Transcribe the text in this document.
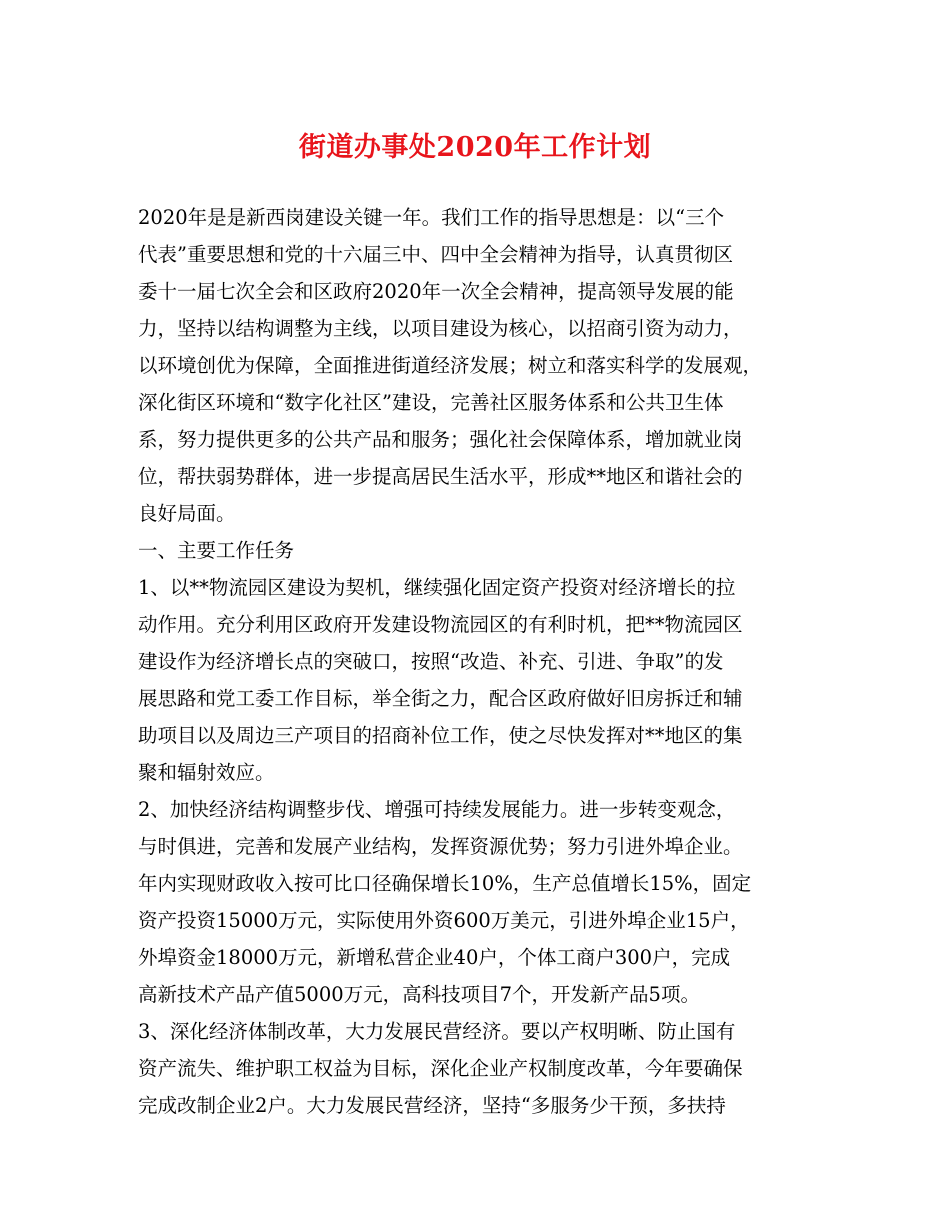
街道办事处2020年工作计划
2020年是是新西岗建设关键一年。我们工作的指导思想是：以“三个
代表”重要思想和党的十六届三中、四中全会精神为指导，认真贯彻区
委十一届七次全会和区政府2020年一次全会精神，提高领导发展的能
力，坚持以结构调整为主线，以项目建设为核心，以招商引资为动力，
以环境创优为保障，全面推进街道经济发展；树立和落实科学的发展观，
深化街区环境和“数字化社区”建设，完善社区服务体系和公共卫生体
系，努力提供更多的公共产品和服务；强化社会保障体系，增加就业岗
位，帮扶弱势群体，进一步提高居民生活水平，形成**地区和谐社会的
良好局面。
一、主要工作任务
1、以**物流园区建设为契机，继续强化固定资产投资对经济增长的拉
动作用。充分利用区政府开发建设物流园区的有利时机，把**物流园区
建设作为经济增长点的突破口，按照“改造、补充、引进、争取”的发
展思路和党工委工作目标，举全街之力，配合区政府做好旧房拆迁和辅
助项目以及周边三产项目的招商补位工作，使之尽快发挥对**地区的集
聚和辐射效应。
2、加快经济结构调整步伐、增强可持续发展能力。进一步转变观念，
与时俱进，完善和发展产业结构，发挥资源优势；努力引进外埠企业。
年内实现财政收入按可比口径确保增长10%，生产总值增长15%，固定
资产投资15000万元，实际使用外资600万美元，引进外埠企业15户，
外埠资金18000万元，新增私营企业40户，个体工商户300户，完成
高新技术产品产值5000万元，高科技项目7个，开发新产品5项。
3、深化经济体制改革，大力发展民营经济。要以产权明晰、防止国有
资产流失、维护职工权益为目标，深化企业产权制度改革，今年要确保
完成改制企业2户。大力发展民营经济，坚持“多服务少干预，多扶持
